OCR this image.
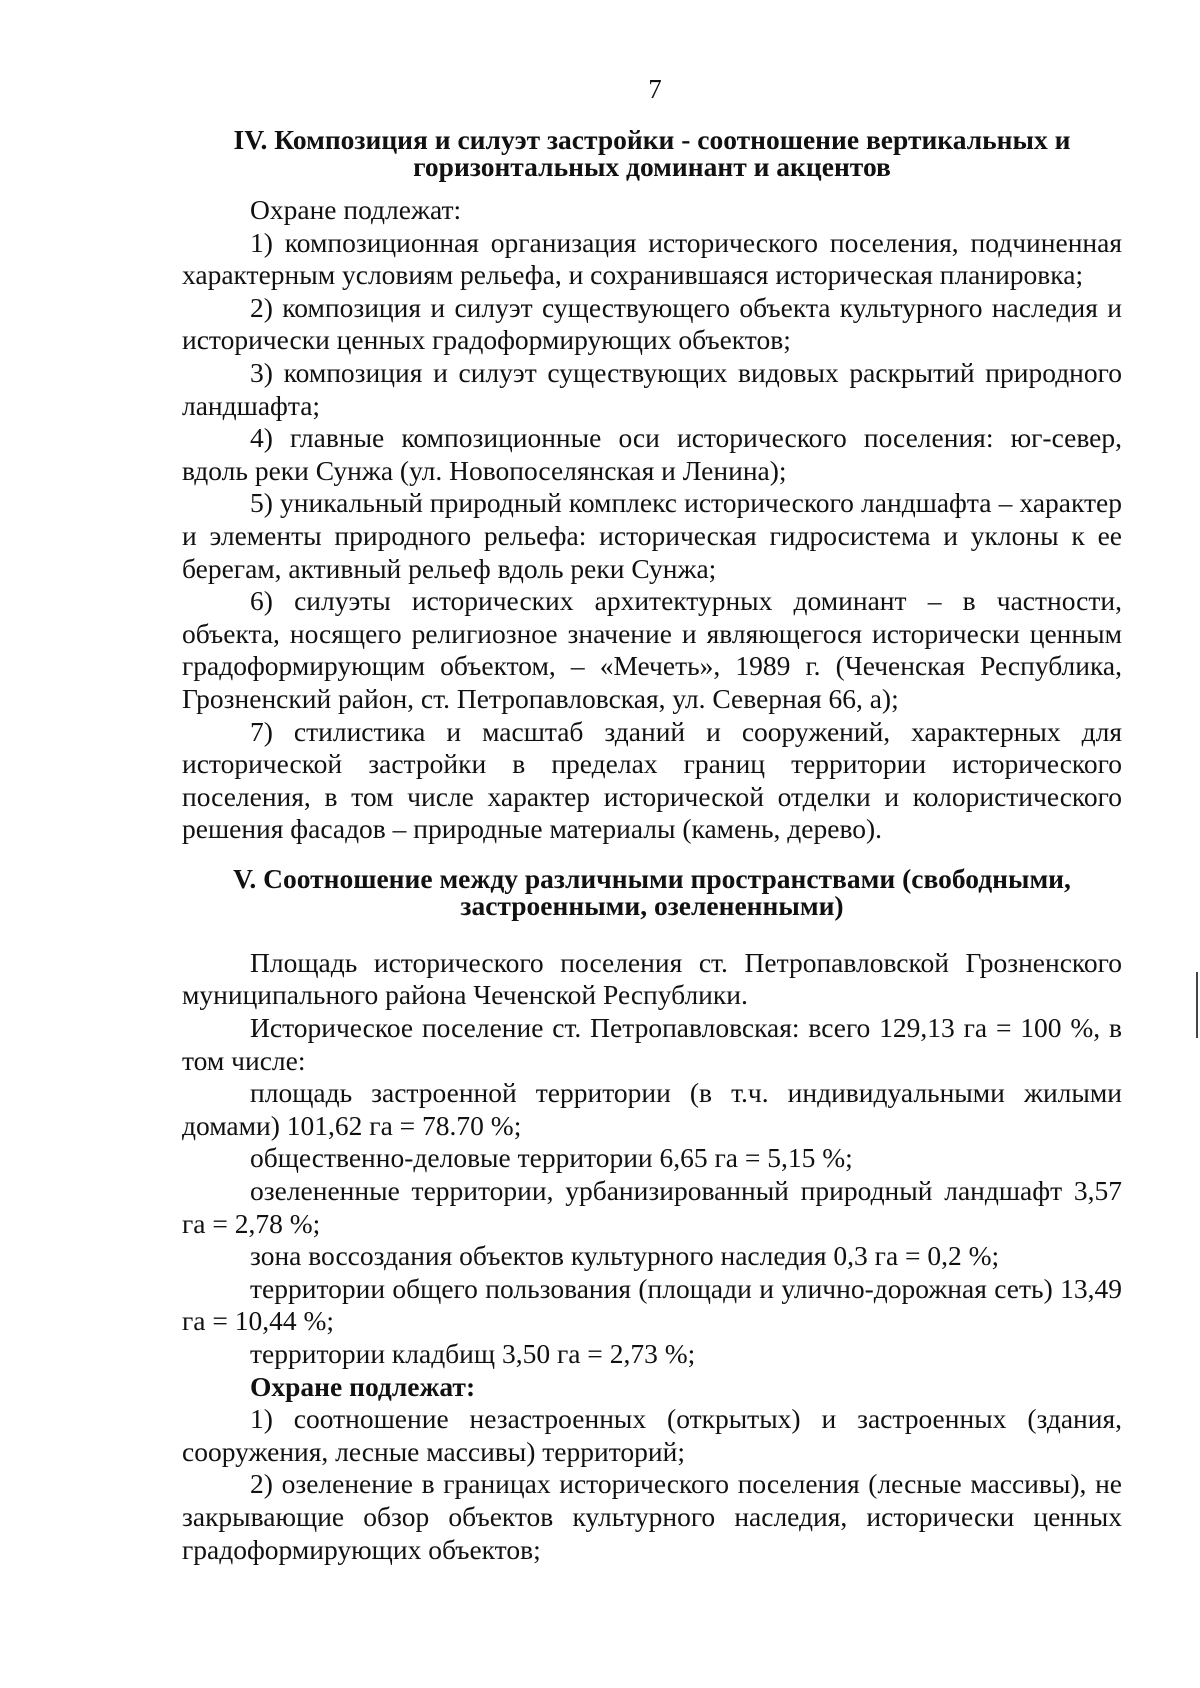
7
IV. Композиция и силуэт застройки - соотношение вертикальных и горизонтальных доминант и акцентов

Охране подлежат:

1) композиционная организация исторического поселения, подчиненная характерным условиям рельефа, и сохранившаяся историческая планировка;

2) композиция и силуэт существующего объекта культурного наследия и исторически ценных градоформирующих объектов;

3) композиция и силуэт существующих видовых раскрытий природного ландшафта;

4) главные композиционные оси исторического поселения: юг-север, вдоль реки Сунжа (ул. Новопоселянская и Ленина);

5) уникальный природный комплекс исторического ландшафта – характер и элементы природного рельефа: историческая гидросистема и уклоны к ее берегам, активный рельеф вдоль реки Сунжа;

6) силуэты исторических архитектурных доминант – в частности, объекта, носящего религиозное значение и являющегося исторически ценным градоформирующим объектом, – «Мечеть», 1989 г. (Чеченская Республика, Грозненский район, ст. Петропавловская, ул. Северная 66, а);

7) стилистика и масштаб зданий и сооружений, характерных для исторической застройки в пределах границ территории исторического поселения, в том числе характер исторической отделки и колористического решения фасадов – природные материалы (камень, дерево).

V. Соотношение между различными пространствами (свободными, застроенными, озелененными)

Площадь исторического поселения ст. Петропавловской Грозненского муниципального района Чеченской Республики.

Историческое поселение ст. Петропавловская: всего 129,13 га = 100 %, в том числе:

площадь застроенной территории (в т.ч. индивидуальными жилыми домами) 101,62 га = 78.70 %;

общественно-деловые территории 6,65 га = 5,15 %;

озелененные территории, урбанизированный природный ландшафт 3,57 га = 2,78 %;

зона воссоздания объектов культурного наследия 0,3 га = 0,2 %;

территории общего пользования (площади и улично-дорожная сеть) 13,49 га = 10,44 %;

территории кладбищ 3,50 га = 2,73 %;

Охране подлежат:

1) соотношение незастроенных (открытых) и застроенных (здания, сооружения, лесные массивы) территорий;

2) озеленение в границах исторического поселения (лесные массивы), не закрывающие обзор объектов культурного наследия, исторически ценных градоформирующих объектов;
